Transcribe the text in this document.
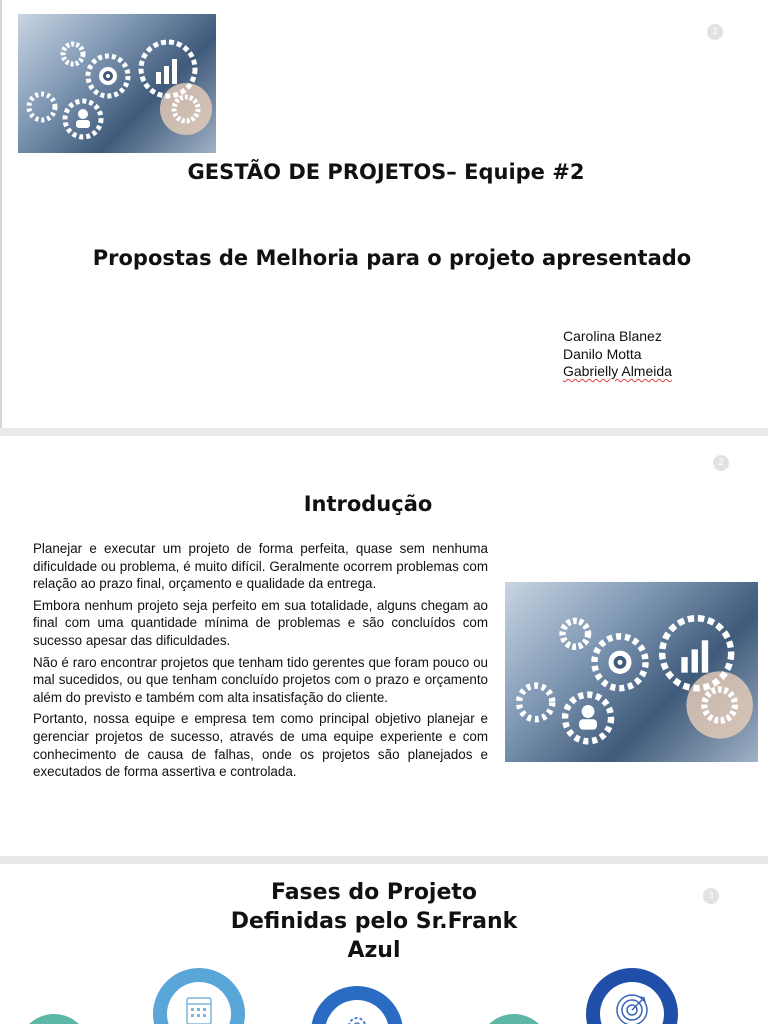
1
GESTÃO DE PROJETOS– Equipe #2
Propostas de Melhoria para o projeto apresentado
Carolina Blanez
Danilo Motta
Gabrielly Almeida
2
Introdução

Planejar e executar um projeto de forma perfeita, quase sem nenhuma dificuldade ou problema, é muito difícil. Geralmente ocorrem problemas com relação ao prazo final, orçamento e qualidade da entrega.

Embora nenhum projeto seja perfeito em sua totalidade, alguns chegam ao final com uma quantidade mínima de problemas e são concluídos com sucesso apesar das dificuldades.

Não é raro encontrar projetos que tenham tido gerentes que foram pouco ou mal sucedidos, ou que tenham concluído projetos com o prazo e orçamento além do previsto e também com alta insatisfação do cliente.

Portanto, nossa equipe e empresa tem como principal objetivo planejar e gerenciar projetos de sucesso, através de uma equipe experiente e com conhecimento de causa de falhas, onde os projetos são planejados e executados de forma assertiva e controlada.

3
Fases do Projeto
Definidas pelo Sr.Frank
Azul
